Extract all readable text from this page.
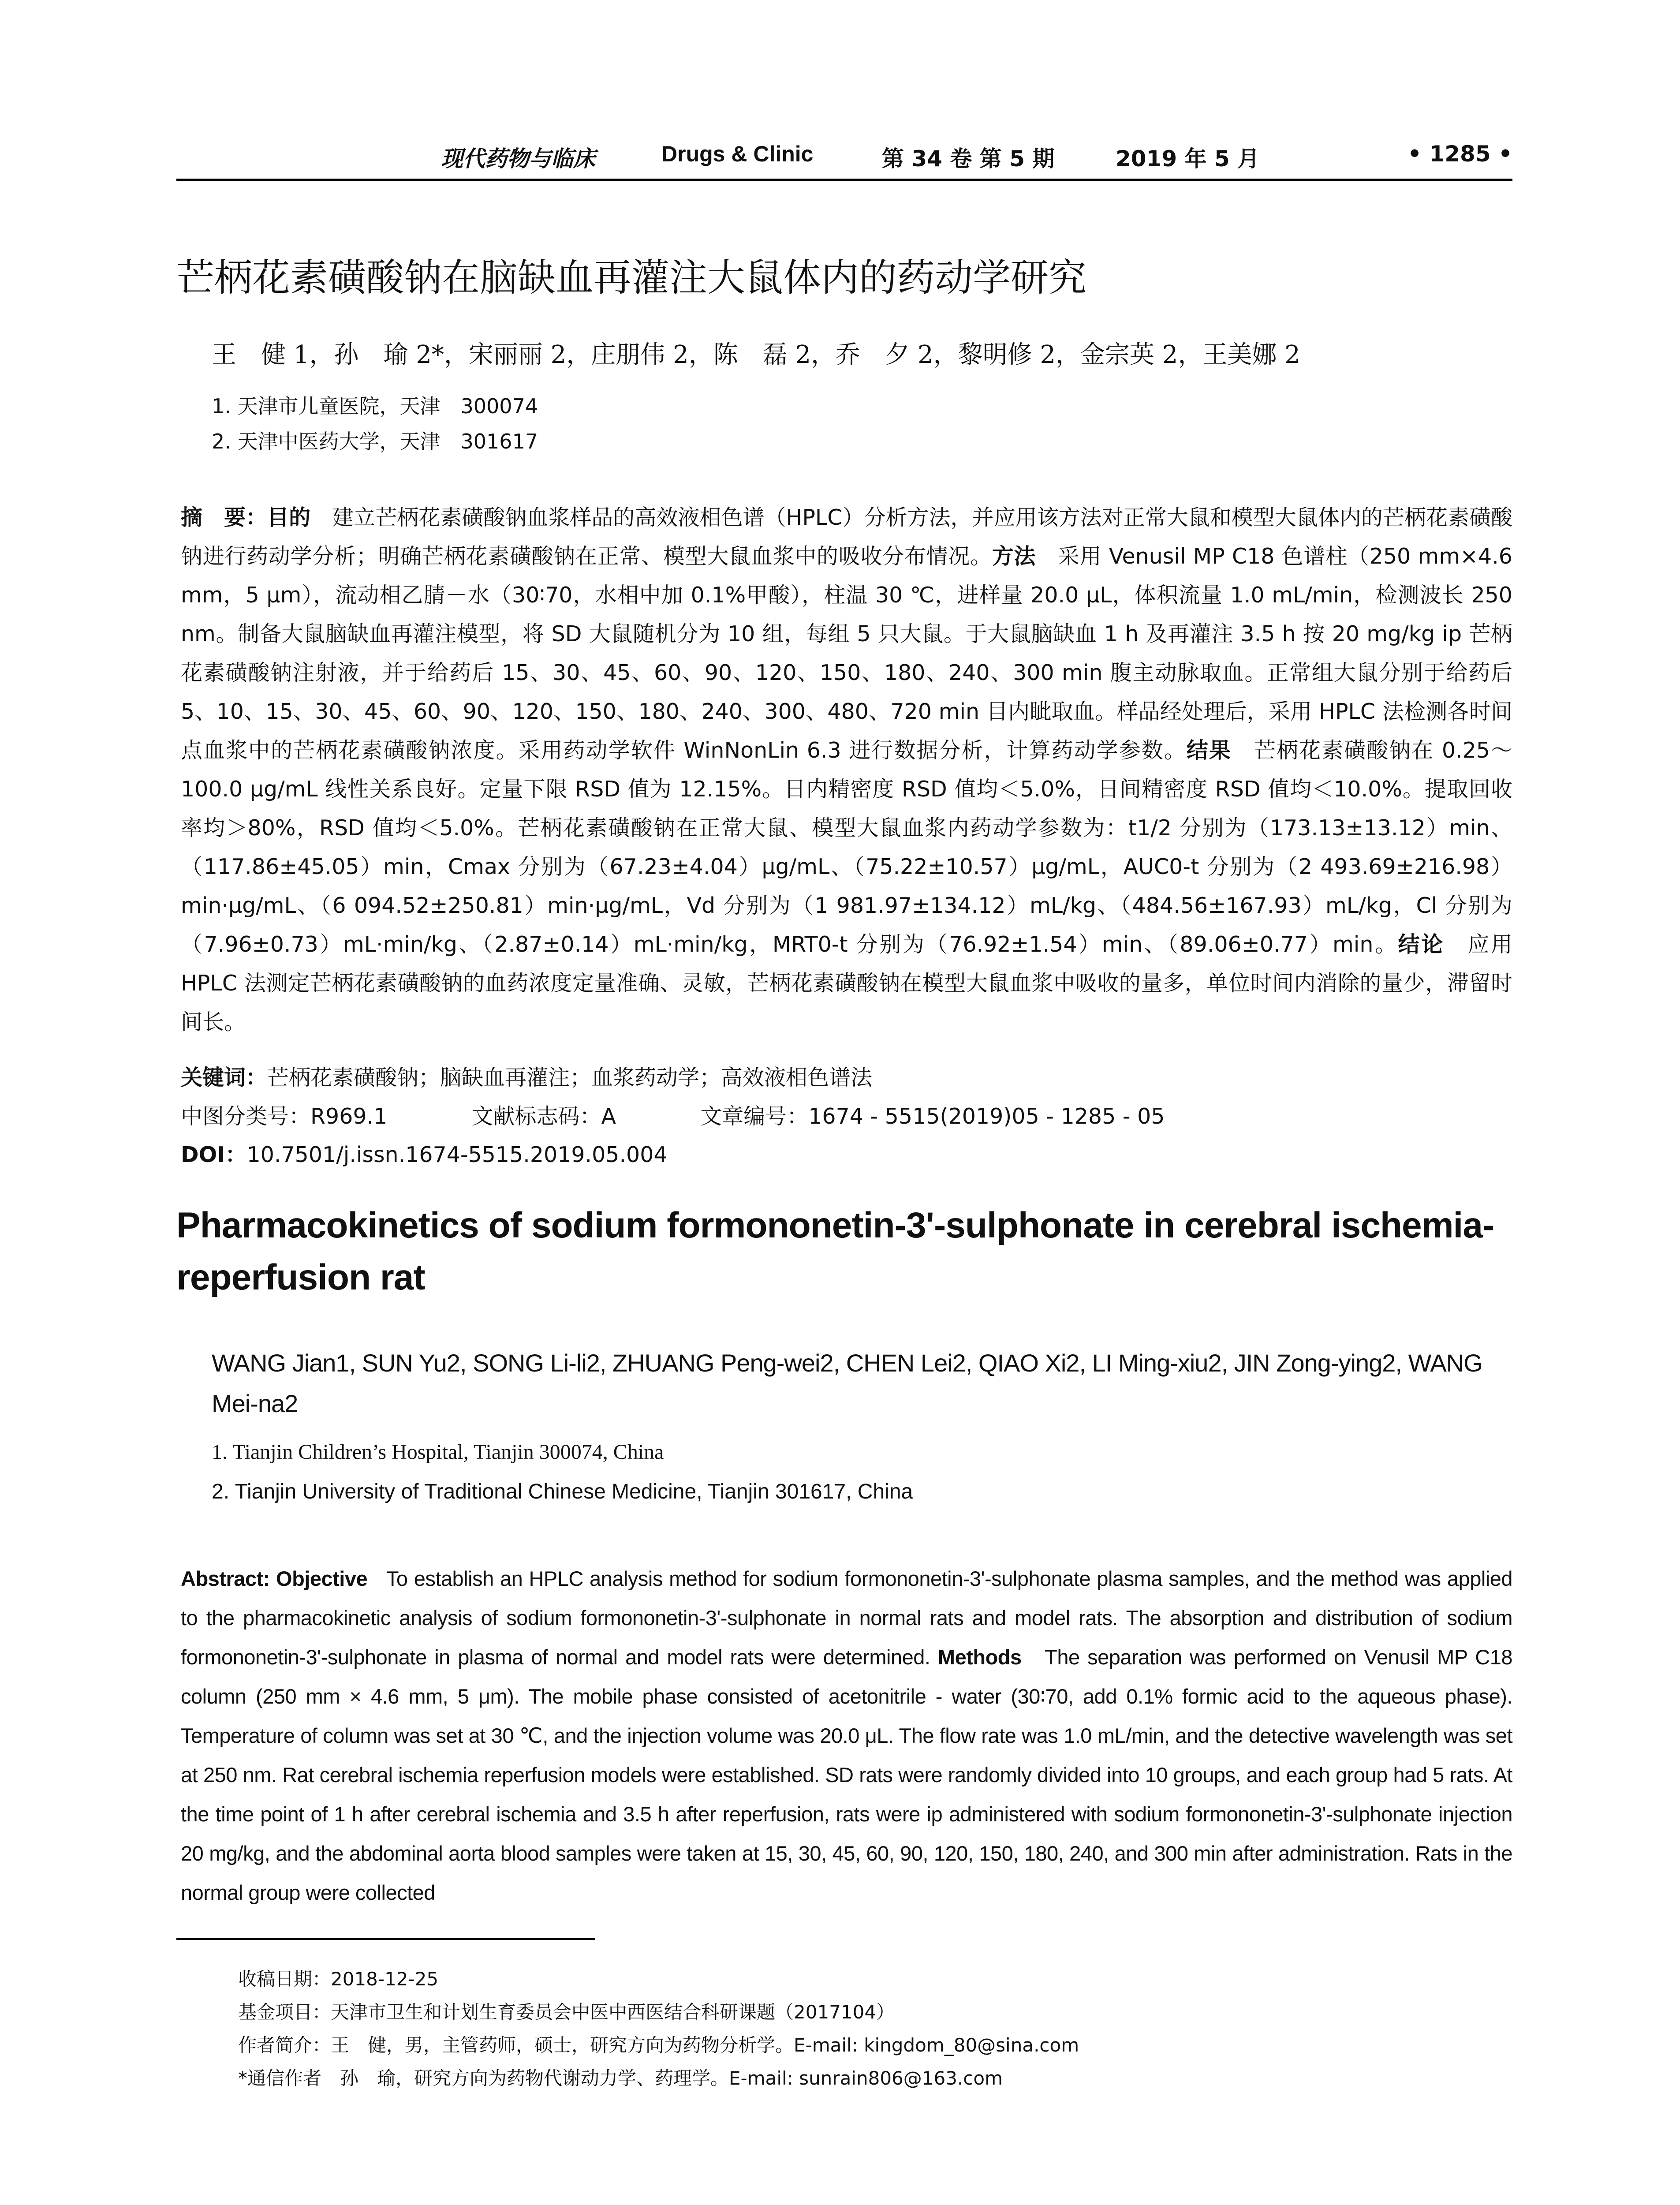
现代药物与临床	Drugs & Clinic	第 34 卷 第 5 期	2019 年 5 月	• 1285 •
芒柄花素磺酸钠在脑缺血再灌注大鼠体内的药动学研究
王　健 1，孙　瑜 2*，宋丽丽 2，庄朋伟 2，陈　磊 2，乔　夕 2，黎明修 2，金宗英 2，王美娜 2
1. 天津市儿童医院，天津　300074
2. 天津中医药大学，天津　301617

摘　要：目的　 建立芒柄花素磺酸钠血浆样品的高效液相色谱（HPLC）分析方法，并应用该方法对正常大鼠和模型大鼠体内的芒柄花素磺酸钠进行药动学分析；明确芒柄花素磺酸钠在正常、模型大鼠血浆中的吸收分布情况。方法　 采用 Venusil MP C18 色谱柱（250 mm×4.6 mm，5 μm），流动相乙腈－水（30∶70，水相中加 0.1%甲酸），柱温 30 ℃，进样量 20.0 μL，体积流量 1.0 mL/min，检测波长 250 nm。制备大鼠脑缺血再灌注模型，将 SD 大鼠随机分为 10 组，每组 5 只大鼠。于大鼠脑缺血 1 h 及再灌注 3.5 h 按 20 mg/kg ip 芒柄花素磺酸钠注射液，并于给药后 15、30、45、60、90、120、150、180、240、300 min 腹主动脉取血。正常组大鼠分别于给药后 5、10、15、30、45、60、90、120、150、180、240、300、480、720 min 目内眦取血。样品经处理后，采用 HPLC 法检测各时间点血浆中的芒柄花素磺酸钠浓度。采用药动学软件 WinNonLin 6.3 进行数据分析，计算药动学参数。结果　 芒柄花素磺酸钠在 0.25～100.0 μg/mL 线性关系良好。定量下限 RSD 值为 12.15%。日内精密度 RSD 值均＜5.0%，日间精密度 RSD 值均＜10.0%。提取回收率均＞80%，RSD 值均＜5.0%。芒柄花素磺酸钠在正常大鼠、模型大鼠血浆内药动学参数为：t1/2 分别为（173.13±13.12）min、（117.86±45.05）min，Cmax 分别为（67.23±4.04）μg/mL、（75.22±10.57）μg/mL，AUC0-t 分别为（2 493.69±216.98）min·μg/mL、（6 094.52±250.81）min·μg/mL，Vd 分别为（1 981.97±134.12）mL/kg、（484.56±167.93）mL/kg，Cl 分别为（7.96±0.73）mL·min/kg、（2.87±0.14）mL·min/kg，MRT0-t 分别为（76.92±1.54）min、（89.06±0.77）min。结论　 应用 HPLC 法测定芒柄花素磺酸钠的血药浓度定量准确、灵敏，芒柄花素磺酸钠在模型大鼠血浆中吸收的量多，单位时间内消除的量少，滞留时间长。

关键词：芒柄花素磺酸钠；脑缺血再灌注；血浆药动学；高效液相色谱法
中图分类号：R969.1	文献标志码：A	文章编号：1674 - 5515(2019)05 - 1285 - 05
DOI：10.7501/j.issn.1674-5515.2019.05.004
Pharmacokinetics of sodium formononetin-3'-sulphonate in cerebral ischemia-reperfusion rat

WANG Jian1, SUN Yu2, SONG Li-li2, ZHUANG Peng-wei2, CHEN Lei2, QIAO Xi2, LI Ming-xiu2, JIN Zong-ying2, WANG Mei-na2

1. Tianjin Children’s Hospital, Tianjin 300074, China
2. Tianjin University of Traditional Chinese Medicine, Tianjin 301617, China

Abstract: Objective To establish an HPLC analysis method for sodium formononetin-3'-sulphonate plasma samples, and the method was applied to the pharmacokinetic analysis of sodium formononetin-3'-sulphonate in normal rats and model rats. The absorption and distribution of sodium formononetin-3'-sulphonate in plasma of normal and model rats were determined. Methods The separation was performed on Venusil MP C18 column (250 mm × 4.6 mm, 5 μm). The mobile phase consisted of acetonitrile - water (30∶70, add 0.1% formic acid to the aqueous phase). Temperature of column was set at 30 ℃, and the injection volume was 20.0 μL. The flow rate was 1.0 mL/min, and the detective wavelength was set at 250 nm. Rat cerebral ischemia reperfusion models were established. SD rats were randomly divided into 10 groups, and each group had 5 rats. At the time point of 1 h after cerebral ischemia and 3.5 h after reperfusion, rats were ip administered with sodium formononetin-3'-sulphonate injection 20 mg/kg, and the abdominal aorta blood samples were taken at 15, 30, 45, 60, 90, 120, 150, 180, 240, and 300 min after administration. Rats in the normal group were collected

收稿日期：2018-12-25
基金项目：天津市卫生和计划生育委员会中医中西医结合科研课题（2017104）
作者简介：王　健，男，主管药师，硕士，研究方向为药物分析学。E-mail: kingdom_80@sina.com
*通信作者　孙　瑜，研究方向为药物代谢动力学、药理学。E-mail: sunrain806@163.com
